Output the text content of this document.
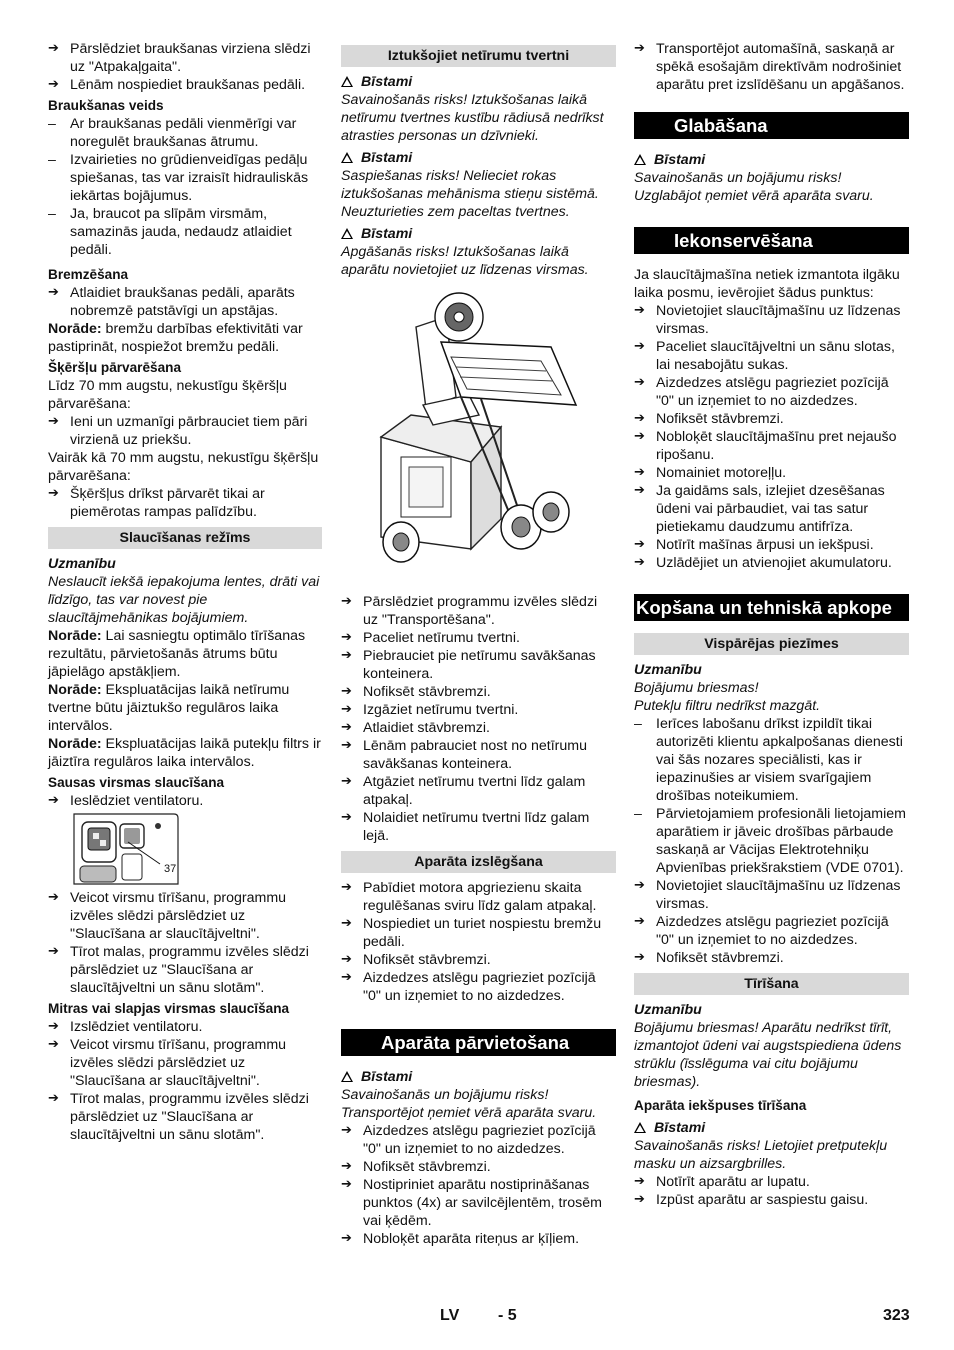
➔ Pārslēdziet braukšanas virziena slēdzi uz "Atpakaļgaita".

➔ Lēnām nospiediet braukšanas pedāli.

Braukšanas veids

– Ar braukšanas pedāli vienmērīgi var noregulēt braukšanas ātrumu.

– Izvairieties no grūdienveidīgas pedāļu spiešanas, tas var izraisīt hidrauliskās iekārtas bojājumus.

– Ja, braucot pa slīpām virsmām, samazinās jauda, nedaudz atlaidiet pedāli.

Bremzēšana

➔ Atlaidiet braukšanas pedāli, aparāts nobremzē patstāvīgi un apstājas.

Norāde: bremžu darbības efektivitāti var pastiprināt, nospiežot bremžu pedāli.

Šķēršļu pārvarēšana

Līdz 70 mm augstu, nekustīgu šķēršļu pārvarēšana:

➔ Ieni un uzmanīgi pārbrauciet tiem pāri virzienā uz priekšu.

Vairāk kā 70 mm augstu, nekustīgu šķēršļu pārvarēšana:

➔ Šķēršļus drīkst pārvarēt tikai ar piemērotas rampas palīdzību.

Slaucīšanas režīms

Uzmanību

Neslaucīt iekšā iepakojuma lentes, drāti vai līdzīgo, tas var novest pie slaucītājmehānikas bojājumiem.

Norāde: Lai sasniegtu optimālo tīrīšanas rezultātu, pārvietošanās ātrums būtu jāpielāgo apstākļiem.

Norāde: Ekspluatācijas laikā netīrumu tvertne būtu jāiztukšo regulāros laika intervālos.

Norāde: Ekspluatācijas laikā putekļu filtrs ir jāiztīra regulāros laika intervālos.

Sausas virsmas slaucīšana

➔ Ieslēdziet ventilatoru.

37

➔ Veicot virsmu tīrīšanu, programmu izvēles slēdzi pārslēdziet uz "Slaucīšana ar slaucītājveltni".

➔ Tīrot malas, programmu izvēles slēdzi pārslēdziet uz "Slaucīšana ar slaucītājveltni un sānu slotām".

Mitras vai slapjas virsmas slaucīšana

➔ Izslēdziet ventilatoru.

➔ Veicot virsmu tīrīšanu, programmu izvēles slēdzi pārslēdziet uz "Slaucīšana ar slaucītājveltni".

➔ Tīrot malas, programmu izvēles slēdzi pārslēdziet uz "Slaucīšana ar slaucītājveltni un sānu slotām".

Iztukšojiet netīrumu tvertni

Bīstami

Savainošanās risks! Iztukšošanas laikā netīrumu tvertnes kustību rādiusā nedrīkst atrasties personas un dzīvnieki.

Bīstami

Saspiešanas risks! Nelieciet rokas iztukšošanas mehānisma stieņu sistēmā. Neuzturieties zem paceltas tvertnes.

Bīstami

Apgāšanās risks! Iztukšošanas laikā aparātu novietojiet uz līdzenas virsmas.

➔ Pārslēdziet programmu izvēles slēdzi uz "Transportēšana".

➔ Paceliet netīrumu tvertni.

➔ Piebrauciet pie netīrumu savākšanas konteinera.

➔ Nofiksēt stāvbremzi.

➔ Izgāziet netīrumu tvertni.

➔ Atlaidiet stāvbremzi.

➔ Lēnām pabrauciet nost no netīrumu savākšanas konteinera.

➔ Atgāziet netīrumu tvertni līdz galam atpakaļ.

➔ Nolaidiet netīrumu tvertni līdz galam lejā.

Aparāta izslēgšana

➔ Pabīdiet motora apgriezienu skaita regulēšanas sviru līdz galam atpakaļ.

➔ Nospiediet un turiet nospiestu bremžu pedāli.

➔ Nofiksēt stāvbremzi.

➔ Aizdedzes atslēgu pagrieziet pozīcijā "0" un izņemiet to no aizdedzes.

Aparāta pārvietošana

Bīstami

Savainošanās un bojājumu risks! Transportējot ņemiet vērā aparāta svaru.

➔ Aizdedzes atslēgu pagrieziet pozīcijā "0" un izņemiet to no aizdedzes.

➔ Nofiksēt stāvbremzi.

➔ Nostipriniet aparātu nostiprināšanas punktos (4x) ar savilcējlentēm, trosēm vai ķēdēm.

➔ Nobloķēt aparāta riteņus ar ķīļiem.

➔ Transportējot automašīnā, saskaņā ar spēkā esošajām direktīvām nodrošiniet aparātu pret izslīdēšanu un apgāšanos.

Glabāšana

Bīstami

Savainošanās un bojājumu risks! Uzglabājot ņemiet vērā aparāta svaru.

Iekonservēšana

Ja slaucītājmašīna netiek izmantota ilgāku laika posmu, ievērojiet šādus punktus:

➔ Novietojiet slaucītājmašīnu uz līdzenas virsmas.

➔ Paceliet slaucītājveltni un sānu slotas, lai nesabojātu sukas.

➔ Aizdedzes atslēgu pagrieziet pozīcijā "0" un izņemiet to no aizdedzes.

➔ Nofiksēt stāvbremzi.

➔ Nobloķēt slaucītājmašīnu pret nejaušo ripošanu.

➔ Nomainiet motoreļļu.

➔ Ja gaidāms sals, izlejiet dzesēšanas ūdeni vai pārbaudiet, vai tas satur pietiekamu daudzumu antifrīza.

➔ Notīrīt mašīnas ārpusi un iekšpusi.

➔ Uzlādējiet un atvienojiet akumulatoru.

Kopšana un tehniskā apkope
Vispārējas piezīmes

Uzmanību

Bojājumu briesmas!

Putekļu filtru nedrīkst mazgāt.

– Ierīces labošanu drīkst izpildīt tikai autorizēti klientu apkalpošanas dienesti vai šās nozares speciālisti, kas ir iepazinušies ar visiem svarīgajiem drošības noteikumiem.

– Pārvietojamiem profesionāli lietojamiem aparātiem ir jāveic drošības pārbaude saskaņā ar Vācijas Elektrotehniķu Apvienības priekšrakstiem (VDE 0701).

➔ Novietojiet slaucītājmašīnu uz līdzenas virsmas.

➔ Aizdedzes atslēgu pagrieziet pozīcijā "0" un izņemiet to no aizdedzes.

➔ Nofiksēt stāvbremzi.

Tīrīšana

Uzmanību

Bojājumu briesmas! Aparātu nedrīkst tīrīt, izmantojot ūdeni vai augstspiediena ūdens strūklu (īsslēguma vai citu bojājumu briesmas).

Aparāta iekšpuses tīrīšana

Bīstami

Savainošanās risks! Lietojiet pretputekļu masku un aizsargbrilles.

➔ Notīrīt aparātu ar lupatu.

➔ Izpūst aparātu ar saspiestu gaisu.

LV - 5	323
